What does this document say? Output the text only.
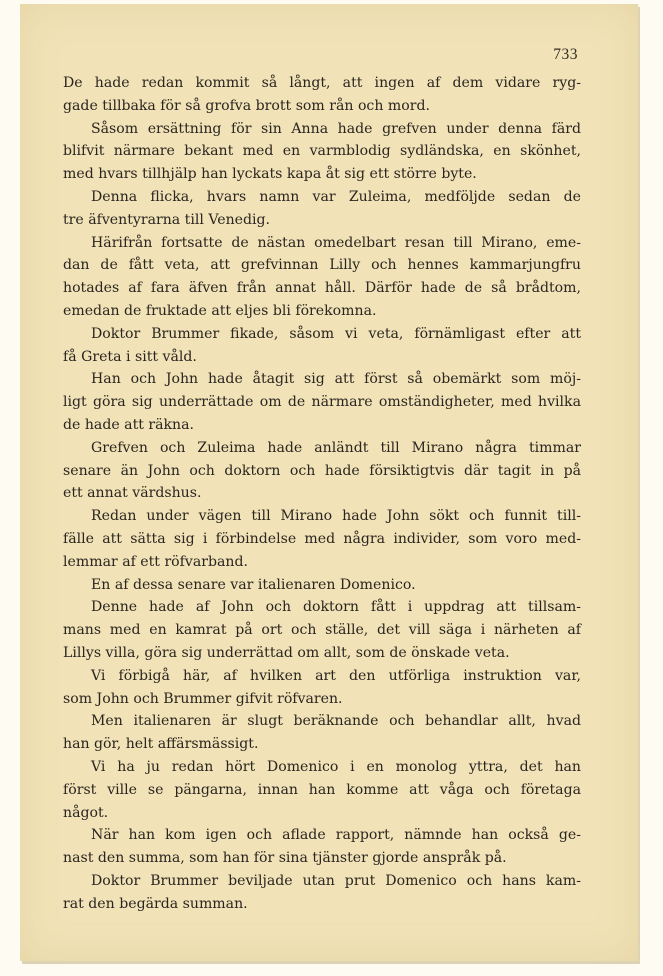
733
De hade redan kommit så långt, att ingen af dem vidare ryg-
gade tillbaka för så grofva brott som rån och mord.
Såsom ersättning för sin Anna hade grefven under denna färd
blifvit närmare bekant med en varmblodig sydländska, en skönhet,
med hvars tillhjälp han lyckats kapa åt sig ett större byte.
Denna flicka, hvars namn var Zuleima, medföljde sedan de
tre äfventyrarna till Venedig.
Härifrån fortsatte de nästan omedelbart resan till Mirano, eme-
dan de fått veta, att grefvinnan Lilly och hennes kammarjungfru
hotades af fara äfven från annat håll. Därför hade de så brådtom,
emedan de fruktade att eljes bli förekomna.
Doktor Brummer fikade, såsom vi veta, förnämligast efter att
få Greta i sitt våld.
Han och John hade åtagit sig att först så obemärkt som möj-
ligt göra sig underrättade om de närmare omständigheter, med hvilka
de hade att räkna.
Grefven och Zuleima hade anländt till Mirano några timmar
senare än John och doktorn och hade försiktigtvis där tagit in på
ett annat värdshus.
Redan under vägen till Mirano hade John sökt och funnit till-
fälle att sätta sig i förbindelse med några individer, som voro med-
lemmar af ett röfvarband.
En af dessa senare var italienaren Domenico.
Denne hade af John och doktorn fått i uppdrag att tillsam-
mans med en kamrat på ort och ställe, det vill säga i närheten af
Lillys villa, göra sig underrättad om allt, som de önskade veta.
Vi förbigå här, af hvilken art den utförliga instruktion var,
som John och Brummer gifvit röfvaren.
Men italienaren är slugt beräknande och behandlar allt, hvad
han gör, helt affärsmässigt.
Vi ha ju redan hört Domenico i en monolog yttra, det han
först ville se pängarna, innan han komme att våga och företaga
något.
När han kom igen och aflade rapport, nämnde han också ge-
nast den summa, som han för sina tjänster gjorde anspråk på.
Doktor Brummer beviljade utan prut Domenico och hans kam-
rat den begärda summan.
